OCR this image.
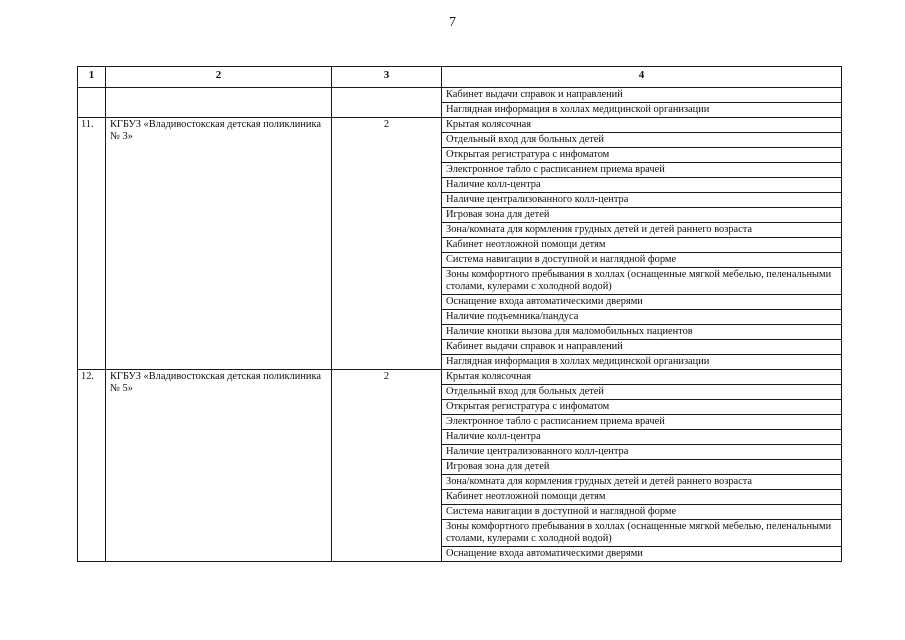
7
1	2	3	4
			Кабинет выдачи справок и направлений
			Наглядная информация в холлах медицинской организации
11.	КГБУЗ «Владивостокская детская поликлиника № 3»	2	Крытая колясочная
			Отдельный вход для больных детей
			Открытая регистратура с инфоматом
			Электронное табло с расписанием приема врачей
			Наличие колл-центра
			Наличие централизованного колл-центра
			Игровая зона для детей
			Зона/комната для кормления грудных детей и детей раннего возраста
			Кабинет неотложной помощи детям
			Система навигации в доступной и наглядной форме
			Зоны комфортного пребывания в холлах (оснащенные мягкой мебелью, пеленальными столами, кулерами с холодной водой)
			Оснащение входа автоматическими дверями
			Наличие подъемника/пандуса
			Наличие кнопки вызова для маломобильных пациентов
			Кабинет выдачи справок и направлений
			Наглядная информация в холлах медицинской организации
12.	КГБУЗ «Владивостокская детская поликлиника № 5»	2	Крытая колясочная
			Отдельный вход для больных детей
			Открытая регистратура с инфоматом
			Электронное табло с расписанием приема врачей
			Наличие колл-центра
			Наличие централизованного колл-центра
			Игровая зона для детей
			Зона/комната для кормления грудных детей и детей раннего возраста
			Кабинет неотложной помощи детям
			Система навигации в доступной и наглядной форме
			Зоны комфортного пребывания в холлах (оснащенные мягкой мебелью, пеленальными столами, кулерами с холодной водой)
			Оснащение входа автоматическими дверями
